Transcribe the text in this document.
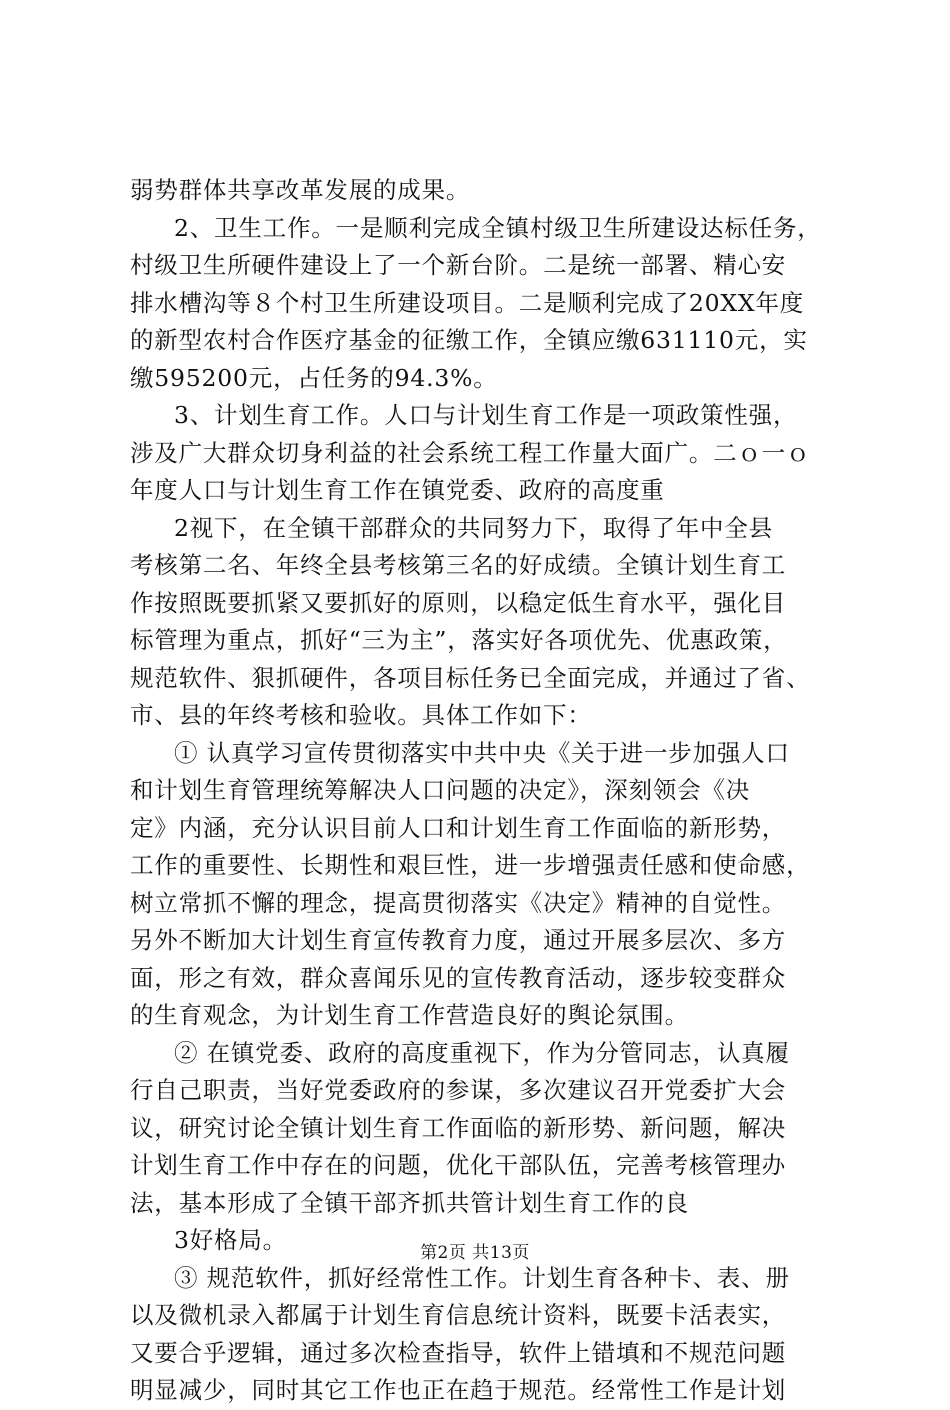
弱势群体共享改革发展的成果。
2、卫生工作。一是顺利完成全镇村级卫生所建设达标任务，
村级卫生所硬件建设上了一个新台阶。二是统一部署、精心安
排水槽沟等８个村卫生所建设项目。二是顺利完成了20XX年度
的新型农村合作医疗基金的征缴工作，全镇应缴631110元，实
缴595200元，占任务的94.3%。
3、计划生育工作。人口与计划生育工作是一项政策性强，
涉及广大群众切身利益的社会系统工程工作量大面广。二ｏ一ｏ
年度人口与计划生育工作在镇党委、政府的高度重
2视下，在全镇干部群众的共同努力下，取得了年中全县
考核第二名、年终全县考核第三名的好成绩。全镇计划生育工
作按照既要抓紧又要抓好的原则，以稳定低生育水平，强化目
标管理为重点，抓好“三为主”，落实好各项优先、优惠政策，
规范软件、狠抓硬件，各项目标任务已全面完成，并通过了省、
市、县的年终考核和验收。具体工作如下：
① 认真学习宣传贯彻落实中共中央《关于进一步加强人口
和计划生育管理统筹解决人口问题的决定》，深刻领会《决
定》内涵，充分认识目前人口和计划生育工作面临的新形势，
工作的重要性、长期性和艰巨性，进一步增强责任感和使命感，
树立常抓不懈的理念，提高贯彻落实《决定》精神的自觉性。
另外不断加大计划生育宣传教育力度，通过开展多层次、多方
面，形之有效，群众喜闻乐见的宣传教育活动，逐步较变群众
的生育观念，为计划生育工作营造良好的舆论氛围。
② 在镇党委、政府的高度重视下，作为分管同志，认真履
行自己职责，当好党委政府的参谋，多次建议召开党委扩大会
议，研究讨论全镇计划生育工作面临的新形势、新问题，解决
计划生育工作中存在的问题，优化干部队伍，完善考核管理办
法，基本形成了全镇干部齐抓共管计划生育工作的良
3好格局。
③ 规范软件，抓好经常性工作。计划生育各种卡、表、册
以及微机录入都属于计划生育信息统计资料，既要卡活表实，
又要合乎逻辑，通过多次检查指导，软件上错填和不规范问题
明显减少，同时其它工作也正在趋于规范。经常性工作是计划
第2页 共13页
